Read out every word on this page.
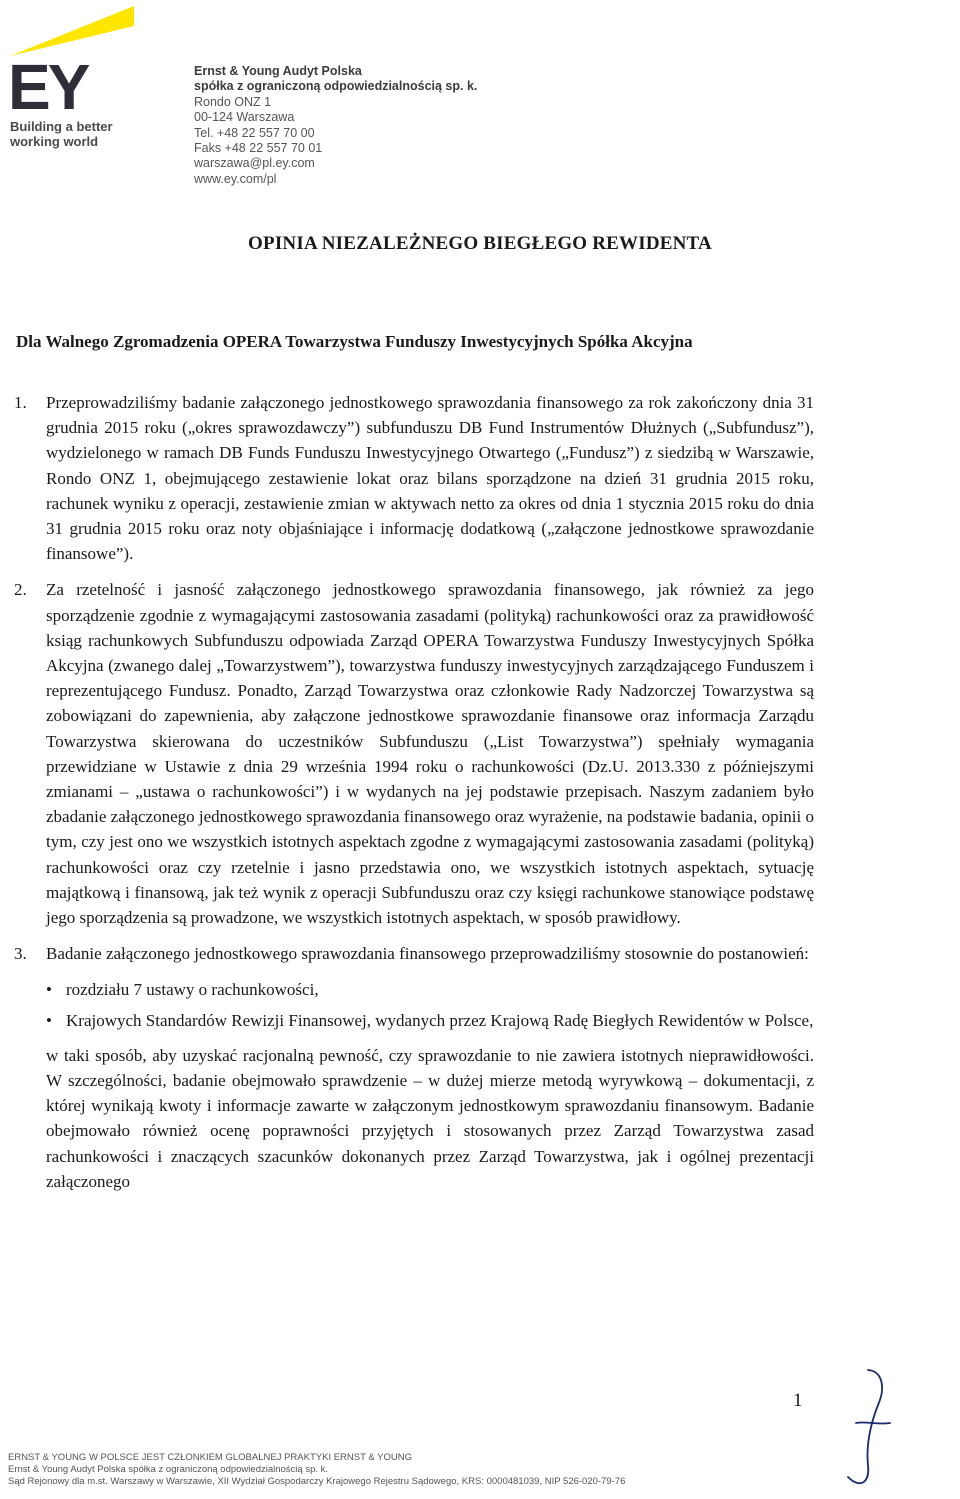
EY
Building a better
working world
Ernst & Young Audyt Polska
spółka z ograniczoną odpowiedzialnością sp. k.
Rondo ONZ 1
00-124 Warszawa
Tel. +48 22 557 70 00
Faks +48 22 557 70 01
warszawa@pl.ey.com
www.ey.com/pl
OPINIA NIEZALEŻNEGO BIEGŁEGO REWIDENTA
Dla Walnego Zgromadzenia OPERA Towarzystwa Funduszy Inwestycyjnych Spółka Akcyjna
1.	Przeprowadziliśmy badanie załączonego jednostkowego sprawozdania finansowego za rok zakończony dnia 31 grudnia 2015 roku („okres sprawozdawczy”) subfunduszu DB Fund Instrumentów Dłużnych („Subfundusz”), wydzielonego w ramach DB Funds Funduszu Inwestycyjnego Otwartego („Fundusz”) z siedzibą w Warszawie, Rondo ONZ 1, obejmującego zestawienie lokat oraz bilans sporządzone na dzień 31 grudnia 2015 roku, rachunek wyniku z operacji, zestawienie zmian w aktywach netto za okres od dnia 1 stycznia 2015 roku do dnia 31 grudnia 2015 roku oraz noty objaśniające i informację dodatkową („załączone jednostkowe sprawozdanie finansowe”).
2.	Za rzetelność i jasność załączonego jednostkowego sprawozdania finansowego, jak również za jego sporządzenie zgodnie z wymagającymi zastosowania zasadami (polityką) rachunkowości oraz za prawidłowość ksiąg rachunkowych Subfunduszu odpowiada Zarząd OPERA Towarzystwa Funduszy Inwestycyjnych Spółka Akcyjna (zwanego dalej „Towarzystwem”), towarzystwa funduszy inwestycyjnych zarządzającego Funduszem i reprezentującego Fundusz. Ponadto, Zarząd Towarzystwa oraz członkowie Rady Nadzorczej Towarzystwa są zobowiązani do zapewnienia, aby załączone jednostkowe sprawozdanie finansowe oraz informacja Zarządu Towarzystwa skierowana do uczestników Subfunduszu („List Towarzystwa”) spełniały wymagania przewidziane w Ustawie z dnia 29 września 1994 roku o rachunkowości (Dz.U. 2013.330 z późniejszymi zmianami – „ustawa o rachunkowości”) i w wydanych na jej podstawie przepisach. Naszym zadaniem było zbadanie załączonego jednostkowego sprawozdania finansowego oraz wyrażenie, na podstawie badania, opinii o tym, czy jest ono we wszystkich istotnych aspektach zgodne z wymagającymi zastosowania zasadami (polityką) rachunkowości oraz czy rzetelnie i jasno przedstawia ono, we wszystkich istotnych aspektach, sytuację majątkową i finansową, jak też wynik z operacji Subfunduszu oraz czy księgi rachunkowe stanowiące podstawę jego sporządzenia są prowadzone, we wszystkich istotnych aspektach, w sposób prawidłowy.
3.	Badanie załączonego jednostkowego sprawozdania finansowego przeprowadziliśmy stosownie do postanowień:
• rozdziału 7 ustawy o rachunkowości,
• Krajowych Standardów Rewizji Finansowej, wydanych przez Krajową Radę Biegłych Rewidentów w Polsce,
w taki sposób, aby uzyskać racjonalną pewność, czy sprawozdanie to nie zawiera istotnych nieprawidłowości. W szczególności, badanie obejmowało sprawdzenie – w dużej mierze metodą wyrywkową – dokumentacji, z której wynikają kwoty i informacje zawarte w załączonym jednostkowym sprawozdaniu finansowym. Badanie obejmowało również ocenę poprawności przyjętych i stosowanych przez Zarząd Towarzystwa zasad rachunkowości i znaczących szacunków dokonanych przez Zarząd Towarzystwa, jak i ogólnej prezentacji załączonego
1
ERNST & YOUNG W POLSCE JEST CZŁONKIEM GLOBALNEJ PRAKTYKI ERNST & YOUNG
Ernst & Young Audyt Polska spółka z ograniczoną odpowiedzialnością sp. k.
Sąd Rejonowy dla m.st. Warszawy w Warszawie, XII Wydział Gospodarczy Krajowego Rejestru Sądowego, KRS: 0000481039, NIP 526-020-79-76
